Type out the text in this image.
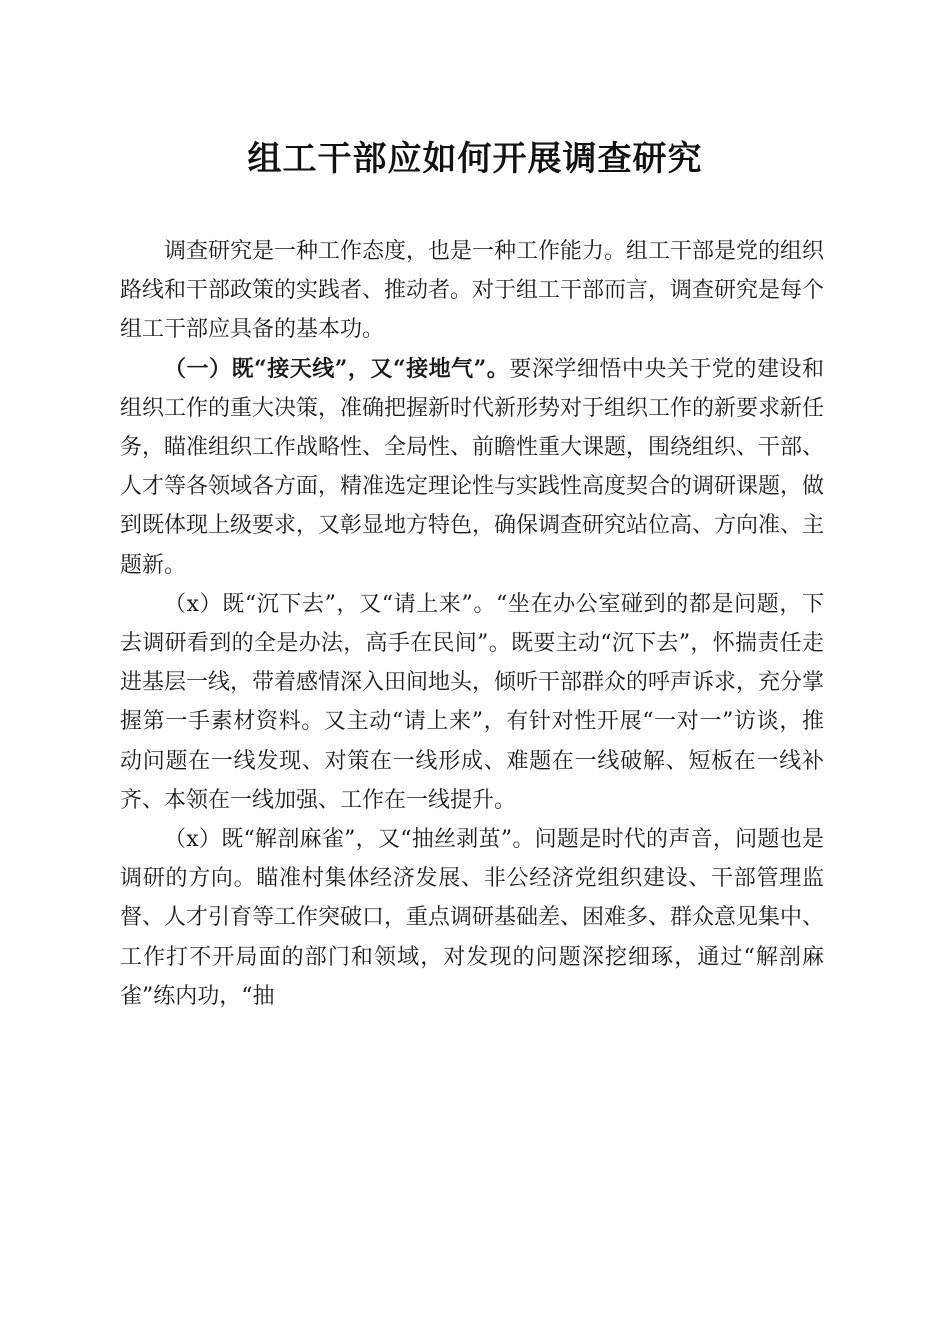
组工干部应如何开展调查研究

调查研究是一种工作态度，也是一种工作能力。组工干部是党的组织路线和干部政策的实践者、推动者。对于组工干部而言，调查研究是每个组工干部应具备的基本功。

（一）既“接天线”，又“接地气”。要深学细悟中央关于党的建设和组织工作的重大决策，准确把握新时代新形势对于组织工作的新要求新任务，瞄准组织工作战略性、全局性、前瞻性重大课题，围绕组织、干部、人才等各领域各方面，精准选定理论性与实践性高度契合的调研课题，做到既体现上级要求，又彰显地方特色，确保调查研究站位高、方向准、主题新。

（x）既“沉下去”，又“请上来”。“坐在办公室碰到的都是问题，下去调研看到的全是办法，高手在民间”。既要主动“沉下去”，怀揣责任走进基层一线，带着感情深入田间地头，倾听干部群众的呼声诉求，充分掌握第一手素材资料。又主动“请上来”，有针对性开展“一对一”访谈，推动问题在一线发现、对策在一线形成、难题在一线破解、短板在一线补齐、本领在一线加强、工作在一线提升。

（x）既“解剖麻雀”，又“抽丝剥茧”。问题是时代的声音，问题也是调研的方向。瞄准村集体经济发展、非公经济党组织建设、干部管理监督、人才引育等工作突破口，重点调研基础差、困难多、群众意见集中、工作打不开局面的部门和领域，对发现的问题深挖细琢，通过“解剖麻雀”练内功，“抽
